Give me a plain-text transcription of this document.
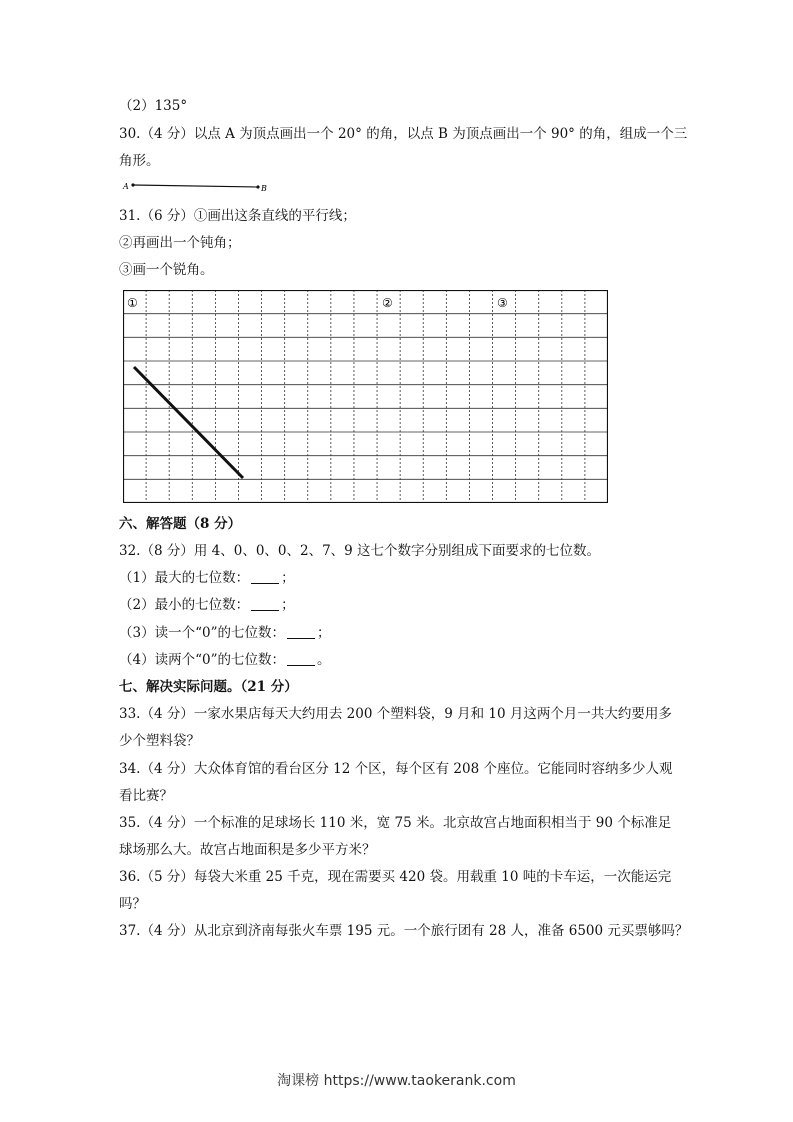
（2）135°
30.（4 分）以点 A 为顶点画出一个 20° 的角，以点 B 为顶点画出一个 90° 的角，组成一个三
角形。
A	B
31.（6 分）①画出这条直线的平行线；
②再画出一个钝角；
③画一个锐角。
①	②	③
六、解答题（8 分）
32.（8 分）用 4、0、0、0、2、7、9 这七个数字分别组成下面要求的七位数。
（1）最大的七位数： ；
（2）最小的七位数： ；
（3）读一个“0”的七位数： ；
（4）读两个“0”的七位数： 。
七、解决实际问题。（21 分）
33.（4 分）一家水果店每天大约用去 200 个塑料袋，9 月和 10 月这两个月一共大约要用多
少个塑料袋？
34.（4 分）大众体育馆的看台区分 12 个区，每个区有 208 个座位。它能同时容纳多少人观
看比赛？
35.（4 分）一个标准的足球场长 110 米，宽 75 米。北京故宫占地面积相当于 90 个标准足
球场那么大。故宫占地面积是多少平方米？
36.（5 分）每袋大米重 25 千克，现在需要买 420 袋。用载重 10 吨的卡车运，一次能运完
吗？
37.（4 分）从北京到济南每张火车票 195 元。一个旅行团有 28 人，准备 6500 元买票够吗？
淘课榜 https://www.taokerank.com
